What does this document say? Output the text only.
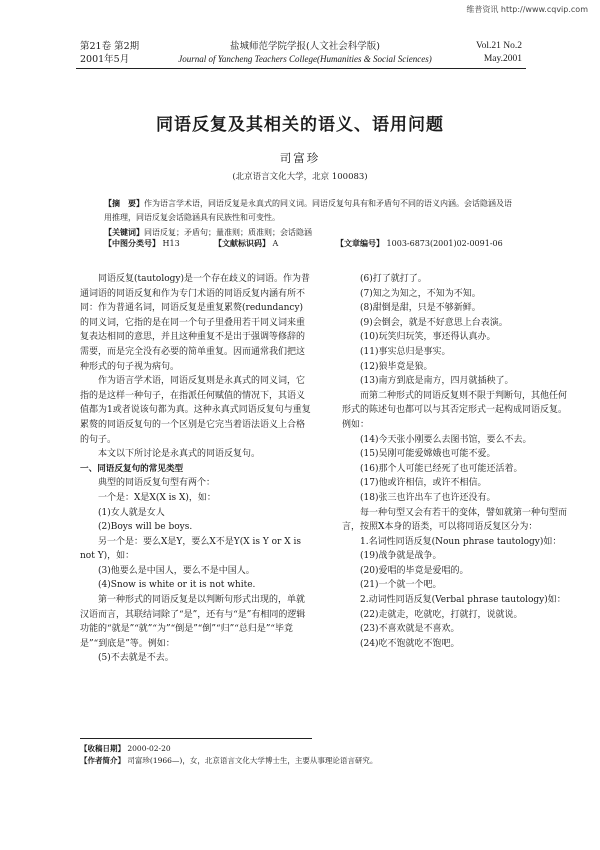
维普资讯 http://www.cqvip.com
第21卷 第2期
2001年5月
盐城师范学院学报(人文社会科学版)
Journal of Yancheng Teachers College(Humanities & Social Sciences)
Vol.21 No.2
May.2001
同语反复及其相关的语义、语用问题
司富珍
(北京语言文化大学，北京 100083)
【摘　要】作为语言学术语，同语反复是永真式的同义词。同语反复句具有和矛盾句不同的语义内涵。会话隐涵及语用推理，同语反复会话隐涵具有民族性和可变性。
【关键词】同语反复；矛盾句；量准则；质准则；会话隐涵
【中图分类号】 H13	【文献标识码】 A	【文章编号】 1003-6873(2001)02-0091-06

同语反复(tautology)是一个存在歧义的词语。作为普通词语的同语反复和作为专门术语的同语反复内涵有所不同：作为普通名词，同语反复是重复累赘(redundancy)的同义词，它指的是在同一个句子里叠用若干同义词来重复表达相同的意思，并且这种重复不是出于强调等修辞的需要，而是完全没有必要的简单重复。因而通常我们把这种形式的句子视为病句。

作为语言学术语，同语反复则是永真式的同义词，它指的是这样一种句子，在指派任何赋值的情况下，其语义值都为1或者说该句都为真。这种永真式同语反复句与重复累赘的同语反复句的一个区别是它完当着语法语义上合格的句子。

本文以下所讨论是永真式的同语反复句。

一、同语反复句的常见类型

典型的同语反复句型有两个：

一个是：X是X(X is X)，如：

(1)女人就是女人

(2)Boys will be boys.

另一个是：要么X是Y，要么X不是Y(X is Y or X is not Y)，如：

(3)他要么是中国人，要么不是中国人。

(4)Snow is white or it is not white.

第一种形式的同语反复是以判断句形式出现的，单就汉语而言，其联结词除了“是”，还有与“是”有相同的逻辑功能的“就是”“就”“为”“倒是”“倒”“归”“总归是”“毕竟是”“到底是”等。例如：

(5)不去就是不去。

(6)打了就打了。

(7)知之为知之，不知为不知。

(8)甜倒是甜，只是不够新鲜。

(9)会倒会，就是不好意思上台表演。

(10)玩笑归玩笑，事还得认真办。

(11)事实总归是事实。

(12)狼毕竟是狼。

(13)南方到底是南方，四月就插秧了。

而第二种形式的同语反复则不限于判断句，其他任何形式的陈述句也都可以与其否定形式一起构成同语反复。例如：

(14)今天张小刚要么去图书馆，要么不去。

(15)吴刚可能爱嫦娥也可能不爱。

(16)那个人可能已经死了也可能还活着。

(17)他或许相信，或许不相信。

(18)张三也许出车了也许还没有。

每一种句型又会有若干的变体，譬如就第一种句型而言，按照X本身的语类，可以将同语反复区分为：

1.名词性同语反复(Noun phrase tautology)如：

(19)战争就是战争。

(20)爱唱的毕竟是爱唱的。

(21)一个就一个吧。

2.动词性同语反复(Verbal phrase tautology)如：

(22)走就走，吃就吃，打就打，说就说。

(23)不喜欢就是不喜欢。

(24)吃不饱就吃不饱吧。

【收稿日期】 2000-02-20
【作者简介】 司富珍(1966—)，女，北京语言文化大学博士生，主要从事理论语言研究。
